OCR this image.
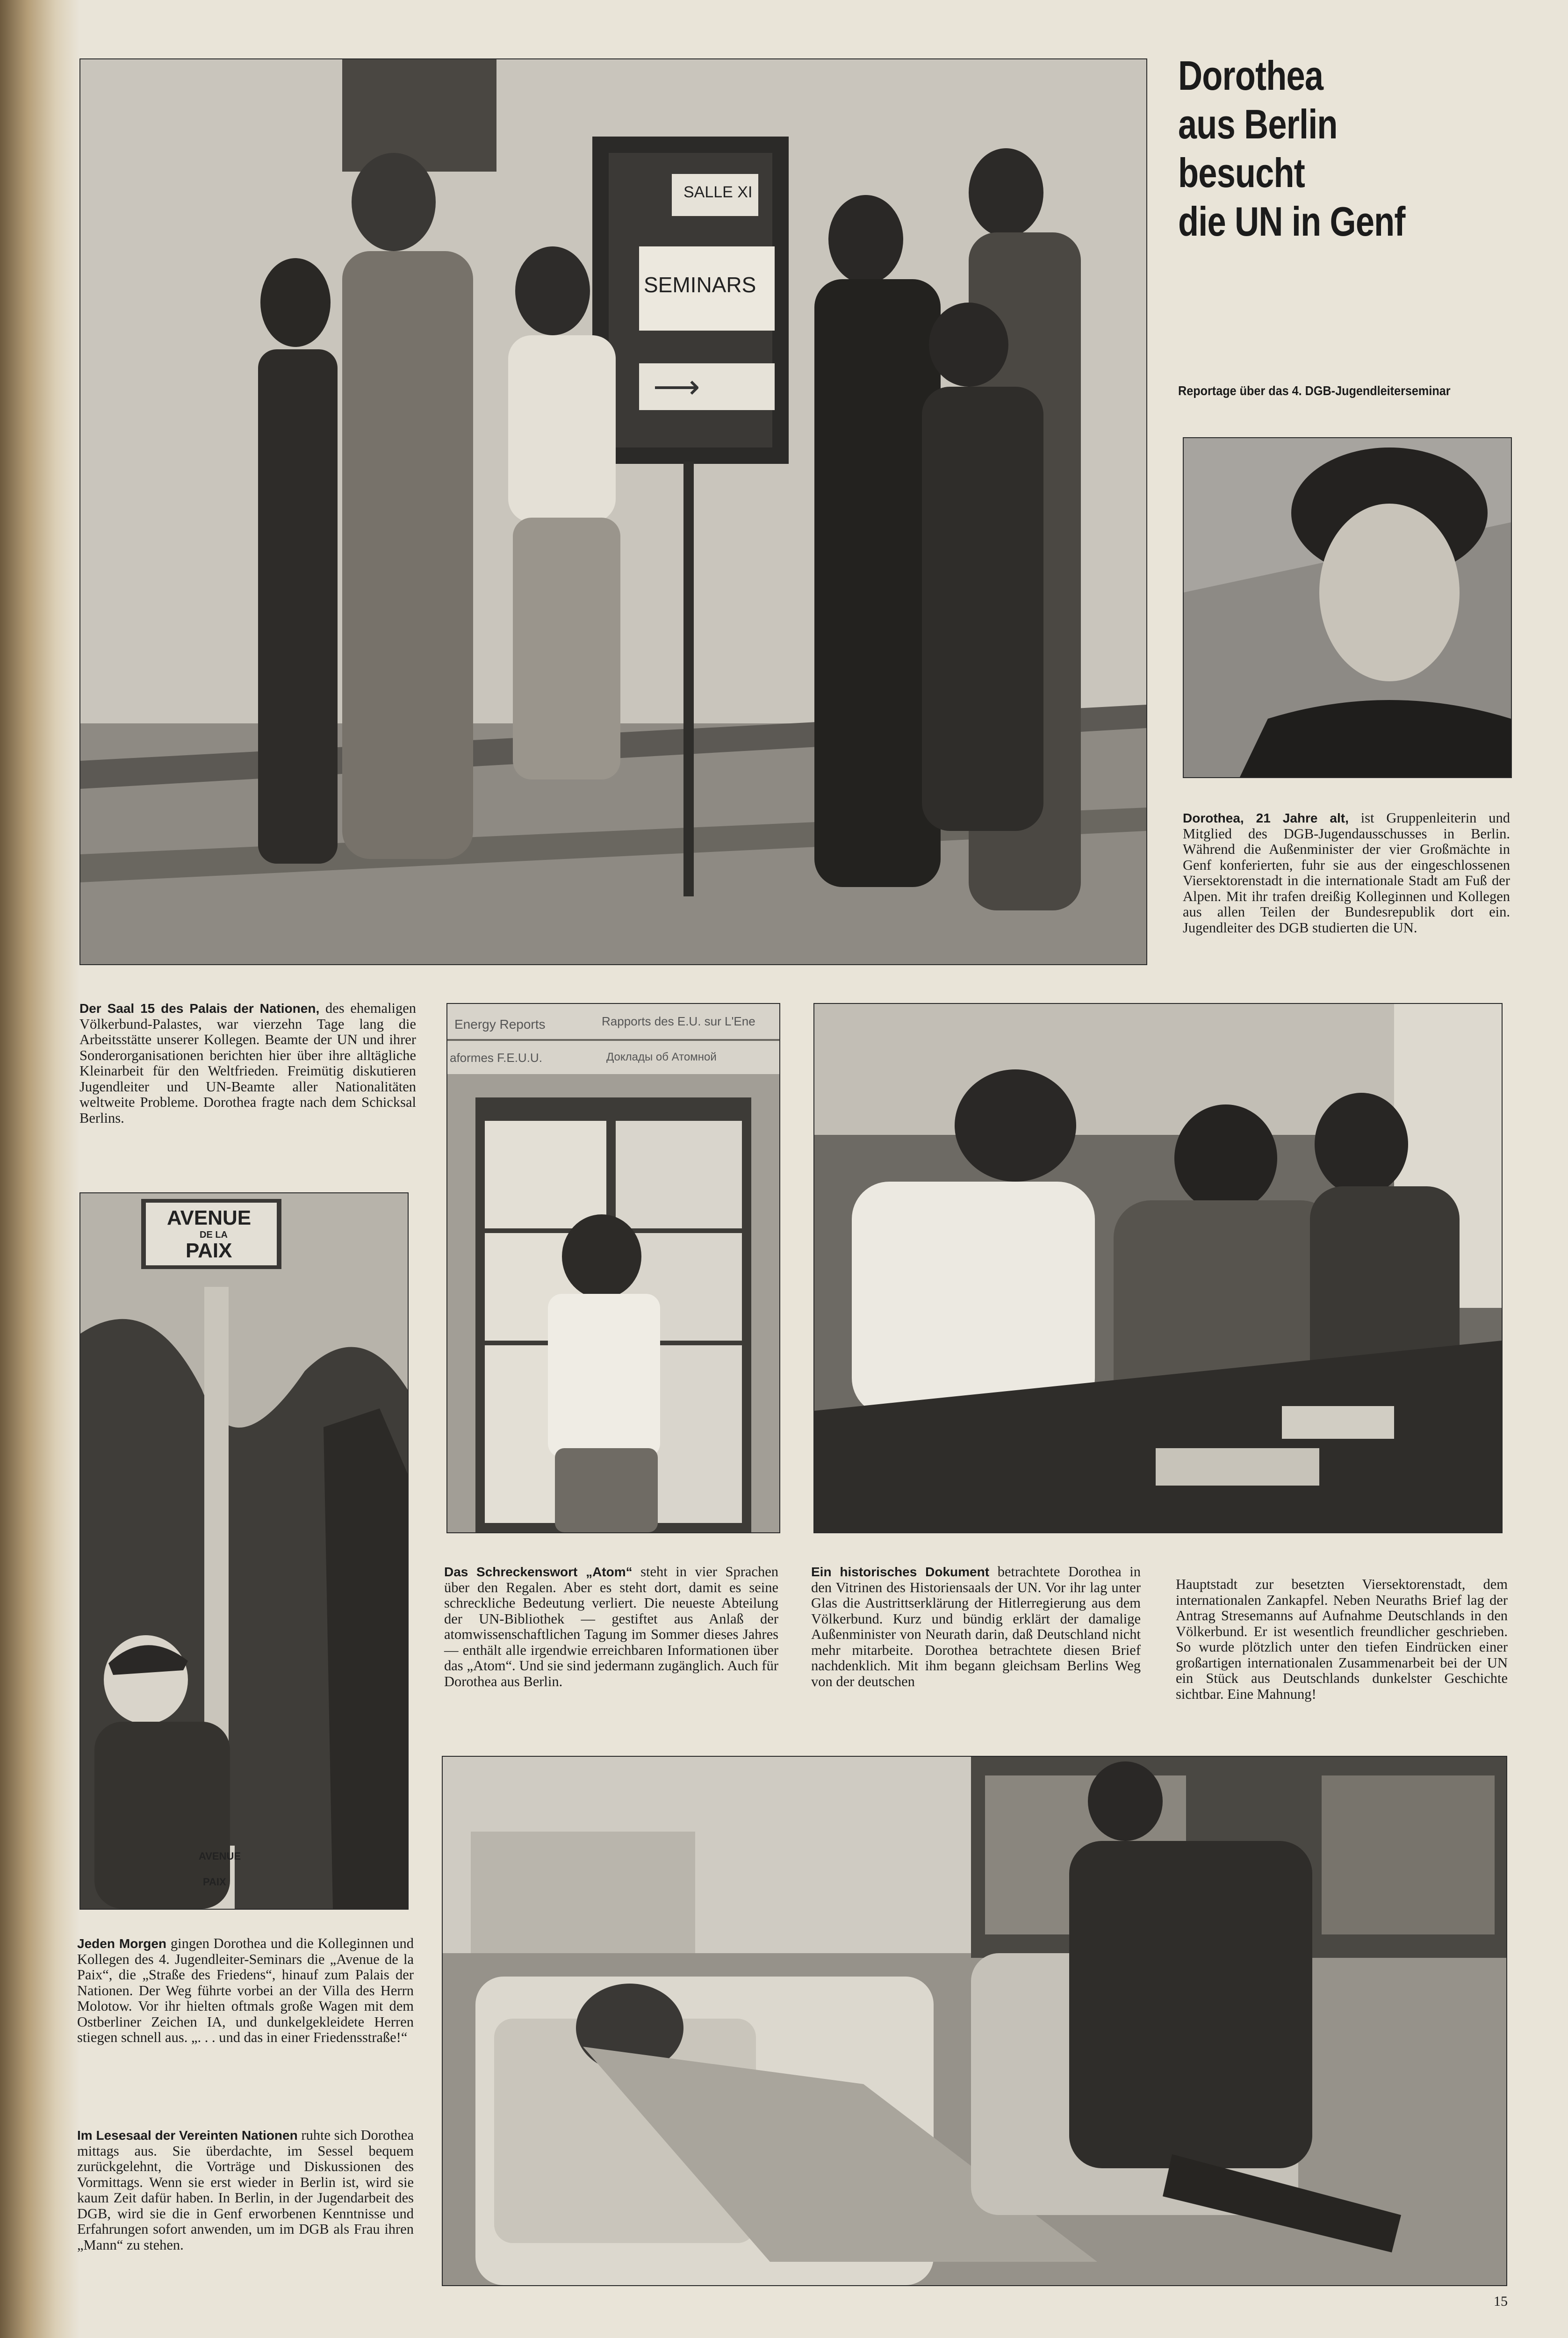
Dorothea
aus Berlin
besucht
die UN in Genf
Reportage über das 4. DGB-Jugendleiterseminar
SALLE XI
SEMINARS
⟶
Energy Reports	Rapports des E.U. sur L'Ene
aformes F.E.U.U.	Доклады об Атомной
AVENUE
DE LA
PAIX
AVENUE
PAIX
Dorothea, 21 Jahre alt, ist Gruppenleiterin und Mitglied des DGB-Jugendausschusses in Berlin. Während die Außenminister der vier Großmächte in Genf konferierten, fuhr sie aus der eingeschlossenen Viersektorenstadt in die internationale Stadt am Fuß der Alpen. Mit ihr trafen dreißig Kolleginnen und Kollegen aus allen Teilen der Bundesrepublik dort ein. Jugendleiter des DGB studierten die UN.
Der Saal 15 des Palais der Nationen, des ehemaligen Völkerbund-Palastes, war vierzehn Tage lang die Arbeitsstätte unserer Kollegen. Beamte der UN und ihrer Sonderorganisationen berichten hier über ihre alltägliche Kleinarbeit für den Weltfrieden. Freimütig diskutieren Jugendleiter und UN-Beamte aller Nationalitäten weltweite Probleme. Dorothea fragte nach dem Schicksal Berlins.
Das Schreckenswort „Atom“ steht in vier Sprachen über den Regalen. Aber es steht dort, damit es seine schreckliche Bedeutung verliert. Die neueste Abteilung der UN-Bibliothek — gestiftet aus Anlaß der atomwissenschaftlichen Tagung im Sommer dieses Jahres — enthält alle irgendwie erreichbaren Informationen über das „Atom“. Und sie sind jedermann zugänglich. Auch für Dorothea aus Berlin.
Ein historisches Dokument betrachtete Dorothea in den Vitrinen des Historiensaals der UN. Vor ihr lag unter Glas die Austrittserklärung der Hitlerregierung aus dem Völkerbund. Kurz und bündig erklärt der damalige Außenminister von Neurath darin, daß Deutschland nicht mehr mitarbeite. Dorothea betrachtete diesen Brief nachdenklich. Mit ihm begann gleichsam Berlins Weg von der deutschen
Hauptstadt zur besetzten Viersektorenstadt, dem internationalen Zankapfel. Neben Neuraths Brief lag der Antrag Stresemanns auf Aufnahme Deutschlands in den Völkerbund. Er ist wesentlich freundlicher geschrieben. So wurde plötzlich unter den tiefen Eindrücken einer großartigen internationalen Zusammenarbeit bei der UN ein Stück aus Deutschlands dunkelster Geschichte sichtbar. Eine Mahnung!
Jeden Morgen gingen Dorothea und die Kolleginnen und Kollegen des 4. Jugendleiter-Seminars die „Avenue de la Paix“, die „Straße des Friedens“, hinauf zum Palais der Nationen. Der Weg führte vorbei an der Villa des Herrn Molotow. Vor ihr hielten oftmals große Wagen mit dem Ostberliner Zeichen IA, und dunkelgekleidete Herren stiegen schnell aus. „. . . und das in einer Friedensstraße!“
Im Lesesaal der Vereinten Nationen ruhte sich Dorothea mittags aus. Sie überdachte, im Sessel bequem zurückgelehnt, die Vorträge und Diskussionen des Vormittags. Wenn sie erst wieder in Berlin ist, wird sie kaum Zeit dafür haben. In Berlin, in der Jugendarbeit des DGB, wird sie die in Genf erworbenen Kenntnisse und Erfahrungen sofort anwenden, um im DGB als Frau ihren „Mann“ zu stehen.
15
